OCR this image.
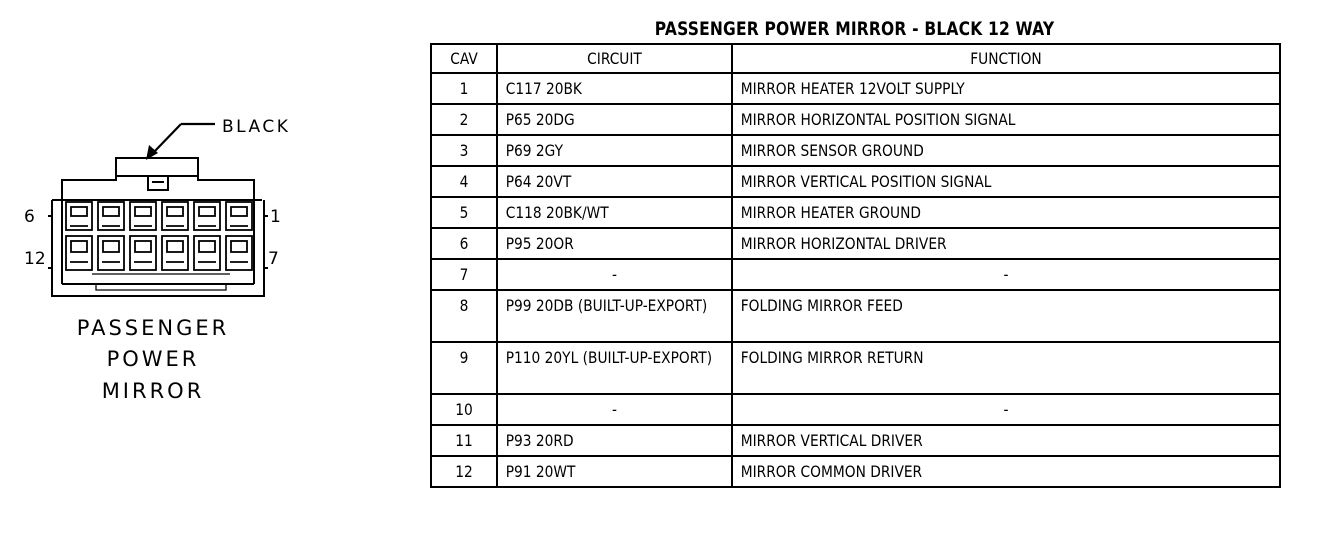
BLACK
6	1
12	7
PASSENGER
POWER
MIRROR
PASSENGER POWER MIRROR - BLACK 12 WAY
CAV	CIRCUIT	FUNCTION

1	C117 20BK	MIRROR HEATER 12VOLT SUPPLY

2	P65 20DG	MIRROR HORIZONTAL POSITION SIGNAL

3	P69 2GY	MIRROR SENSOR GROUND

4	P64 20VT	MIRROR VERTICAL POSITION SIGNAL

5	C118 20BK/WT	MIRROR HEATER GROUND

6	P95 20OR	MIRROR HORIZONTAL DRIVER

7	-	-

8	P99 20DB (BUILT-UP-EXPORT)	FOLDING MIRROR FEED

9	P110 20YL (BUILT-UP-EXPORT)	FOLDING MIRROR RETURN

10	-	-

11	P93 20RD	MIRROR VERTICAL DRIVER

12	P91 20WT	MIRROR COMMON DRIVER
